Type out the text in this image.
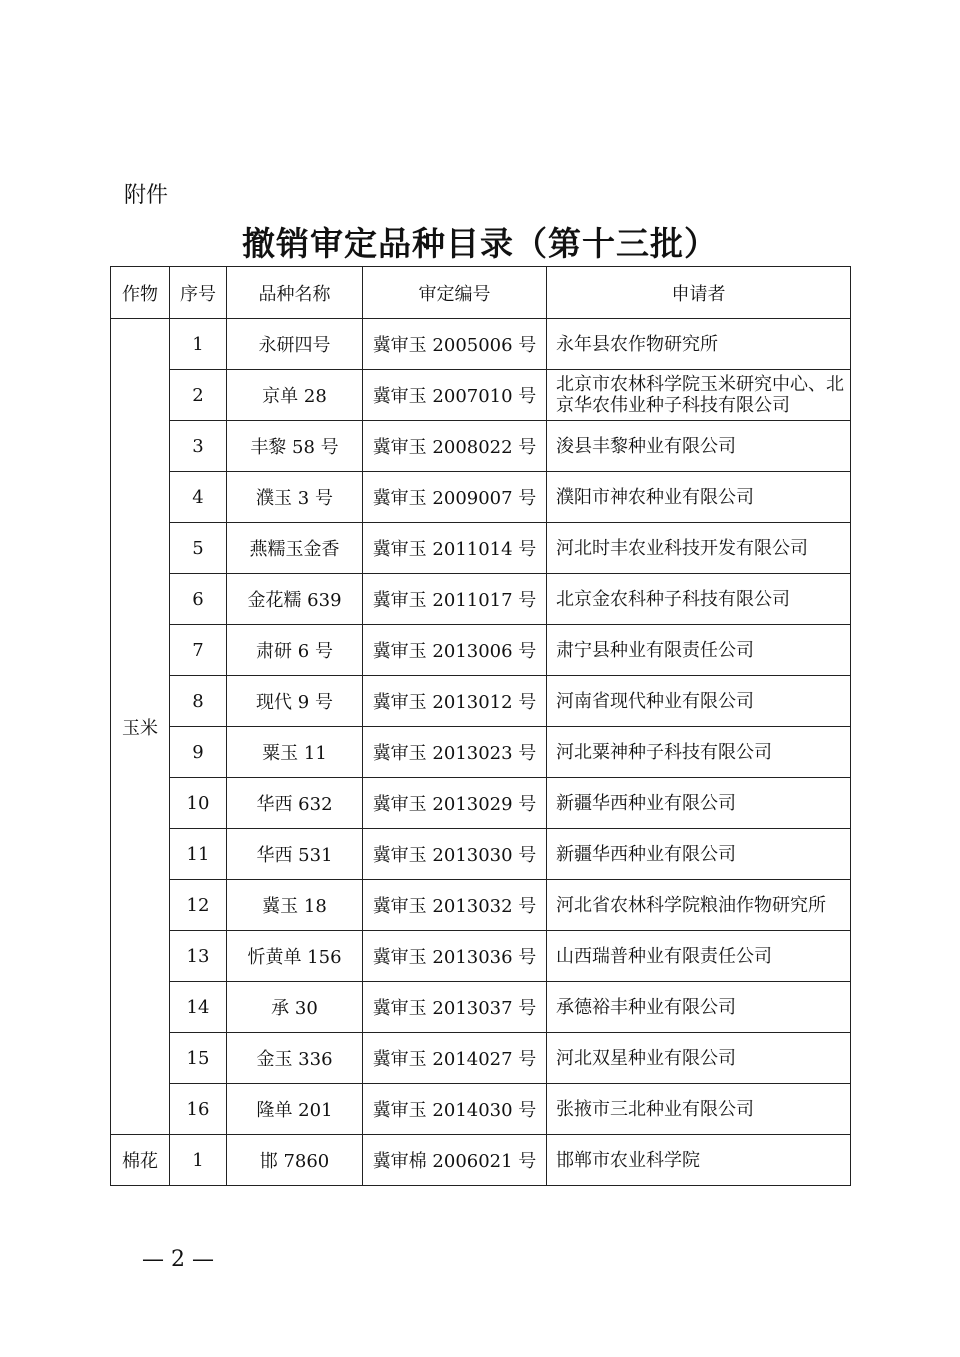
附件
撤销审定品种目录（第十三批）
作物	序号	品种名称	审定编号	申请者
玉米	1	永研四号	冀审玉 2005006 号	永年县农作物研究所
	2	京单 28	冀审玉 2007010 号	北京市农林科学院玉米研究中心、北京华农伟业种子科技有限公司
	3	丰黎 58 号	冀审玉 2008022 号	浚县丰黎种业有限公司
	4	濮玉 3 号	冀审玉 2009007 号	濮阳市神农种业有限公司
	5	燕糯玉金香	冀审玉 2011014 号	河北时丰农业科技开发有限公司
	6	金花糯 639	冀审玉 2011017 号	北京金农科种子科技有限公司
	7	肃研 6 号	冀审玉 2013006 号	肃宁县种业有限责任公司
	8	现代 9 号	冀审玉 2013012 号	河南省现代种业有限公司
	9	粟玉 11	冀审玉 2013023 号	河北粟神种子科技有限公司
	10	华西 632	冀审玉 2013029 号	新疆华西种业有限公司
	11	华西 531	冀审玉 2013030 号	新疆华西种业有限公司
	12	冀玉 18	冀审玉 2013032 号	河北省农林科学院粮油作物研究所
	13	忻黄单 156	冀审玉 2013036 号	山西瑞普种业有限责任公司
	14	承 30	冀审玉 2013037 号	承德裕丰种业有限公司
	15	金玉 336	冀审玉 2014027 号	河北双星种业有限公司
	16	隆单 201	冀审玉 2014030 号	张掖市三北种业有限公司
棉花	1	邯 7860	冀审棉 2006021 号	邯郸市农业科学院
— 2 —
